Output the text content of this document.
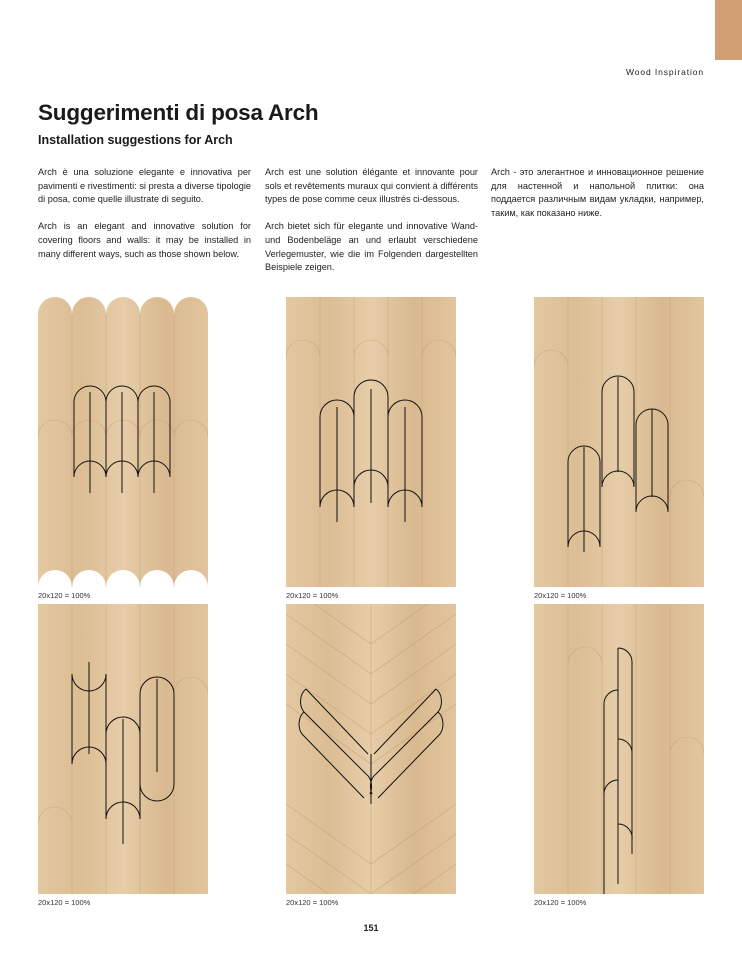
Wood Inspiration
Suggerimenti di posa Arch
Installation suggestions for Arch

Arch è una soluzione elegante e innovativa per pavimenti e rivestimenti: si presta a diverse tipologie di posa, come quelle illustrate di seguito.

Arch is an elegant and innovative solution for covering floors and walls: it may be installed in many different ways, such as those shown below.

Arch est une solution élégante et innovante pour sols et revêtements muraux qui convient à différents types de pose comme ceux illustrés ci-dessous.

Arch bietet sich für elegante und innovative Wand- und Bodenbeläge an und erlaubt verschiedene Verlegemuster, wie die im Folgenden dargestellten Beispiele zeigen.

Arch - это элегантное и инновационное решение для настенной и напольной плитки: она поддается различным видам укладки, например, таким, как показано ниже.

20x120 = 100%	20x120 = 100%	20x120 = 100%
20x120 = 100%	20x120 = 100%	20x120 = 100%
151
